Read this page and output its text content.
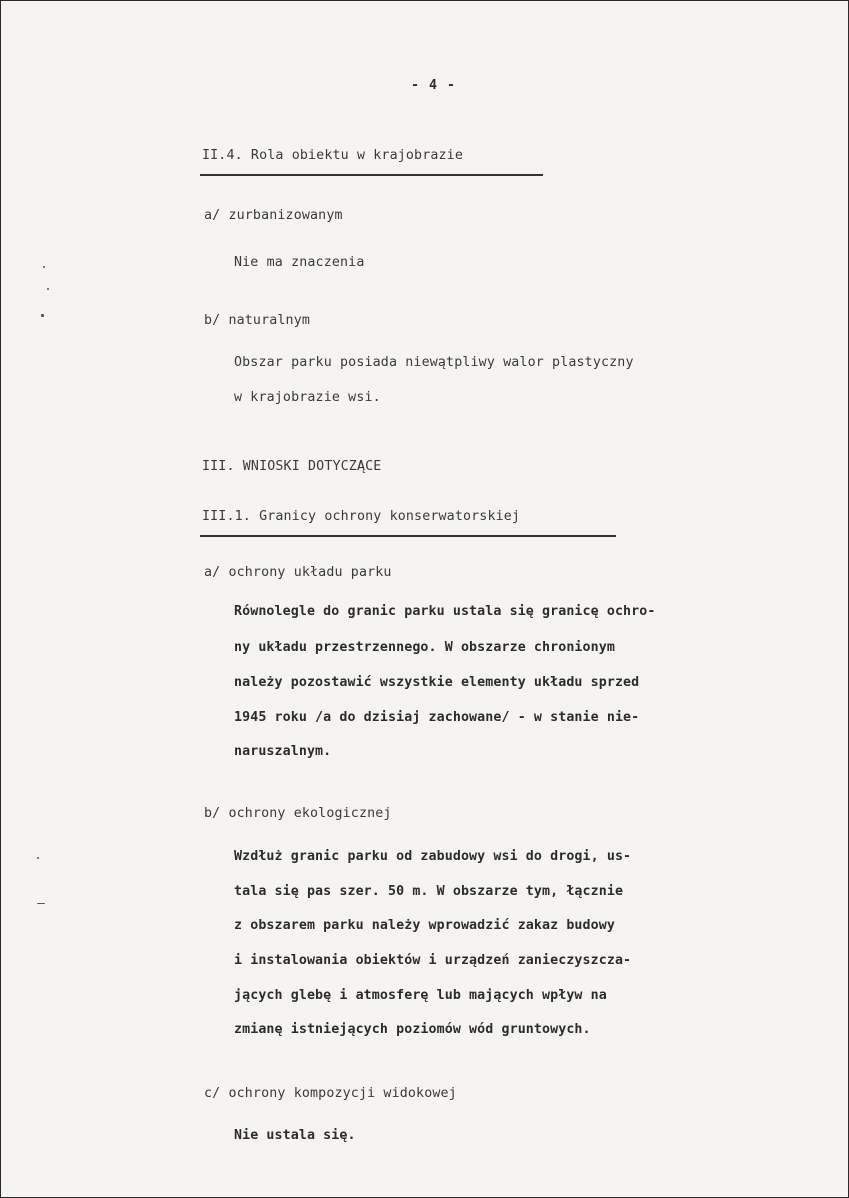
- 4 -
II.4. Rola obiektu w krajobrazie
a/ zurbanizowanym
Nie ma znaczenia
b/ naturalnym
Obszar parku posiada niewątpliwy walor plastyczny
w krajobrazie wsi.
III. WNIOSKI DOTYCZĄCE
III.1. Granicy ochrony konserwatorskiej
a/ ochrony układu parku
Równolegle do granic parku ustala się granicę ochro-
ny układu przestrzennego. W obszarze chronionym
należy pozostawić wszystkie elementy układu sprzed
1945 roku /a do dzisiaj zachowane/ - w stanie nie-
naruszalnym.
b/ ochrony ekologicznej
Wzdłuż granic parku od zabudowy wsi do drogi, us-
tala się pas szer. 50 m. W obszarze tym, łącznie
z obszarem parku należy wprowadzić zakaz budowy
i instalowania obiektów i urządzeń zanieczyszcza-
jących glebę i atmosferę lub mających wpływ na
zmianę istniejących poziomów wód gruntowych.
c/ ochrony kompozycji widokowej
Nie ustala się.
